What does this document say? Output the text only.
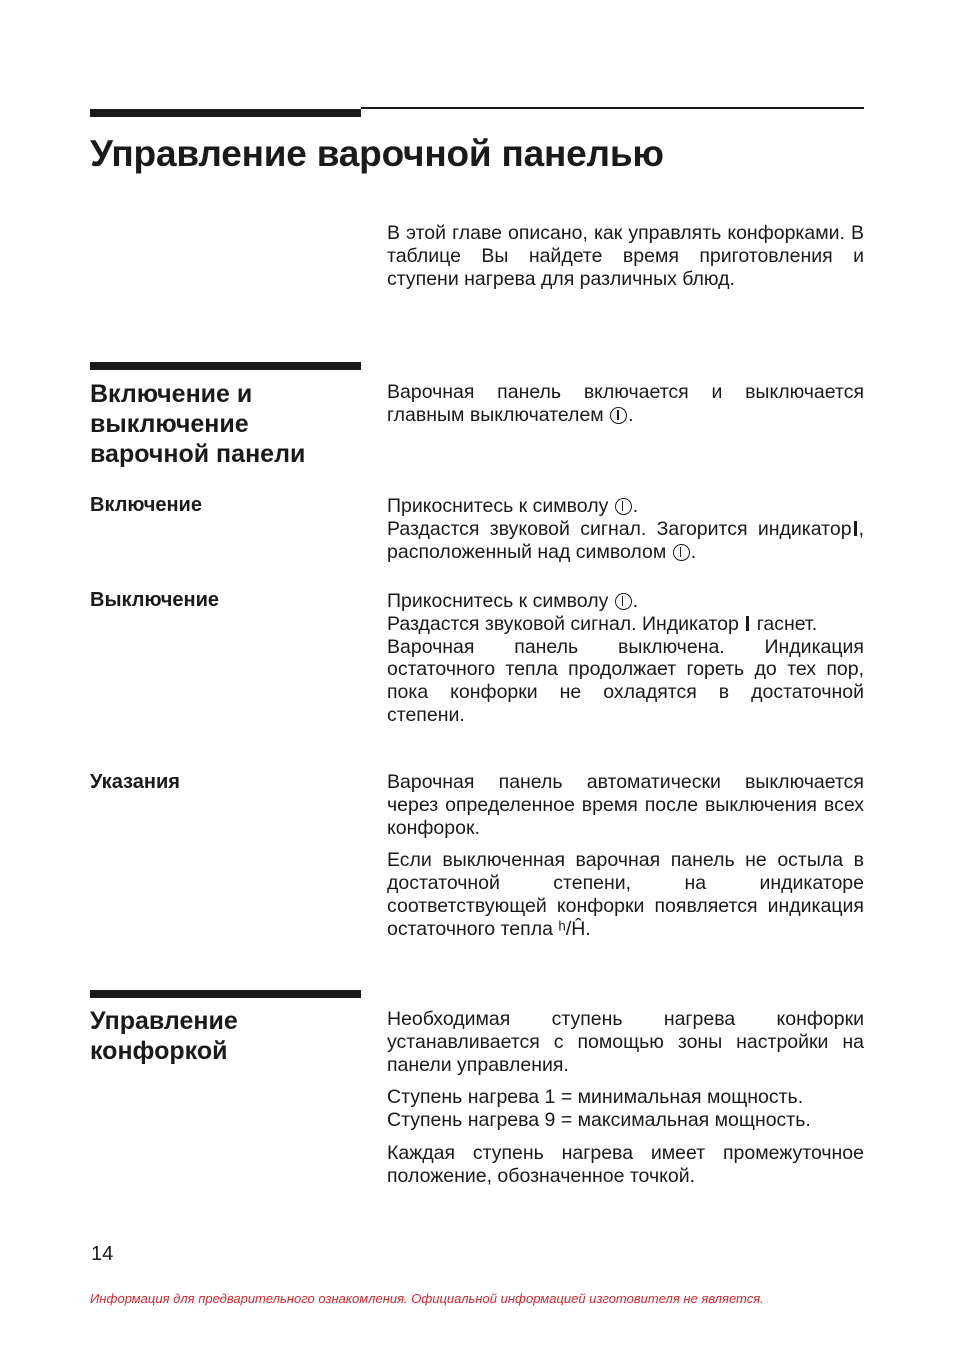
Управление варочной панелью

В этой главе описано, как управлять конфорками. В таблице Вы найдете время приготовления и ступени нагрева для различных блюд.

Включение и выключение варочной панели

Варочная панель включается и выключается главным выключателем .

Включение	Прикоснитесь к символу .

Раздастся звуковой сигнал. Загорится индикатор , расположенный над символом .

Выключение	Прикоснитесь к символу .

Раздастся звуковой сигнал. Индикатор гаснет.

Варочная панель выключена. Индикация остаточного тепла продолжает гореть до тех пор, пока конфорки не охладятся в достаточной степени.

Указания	Варочная панель автоматически выключается через определенное время после выключения всех конфорок.

Если выключенная варочная панель не остыла в достаточной степени, на индикаторе соответствующей конфорки появляется индикация остаточного тепла ʰ/Ĥ.

Управление конфоркой

Необходимая ступень нагрева конфорки устанавливается с помощью зоны настройки на панели управления.

Ступень нагрева 1 = минимальная мощность.

Ступень нагрева 9 = максимальная мощность.

Каждая ступень нагрева имеет промежуточное положение, обозначенное точкой.

14

Информация для предварительного ознакомления. Официальной информацией изготовителя не является.
